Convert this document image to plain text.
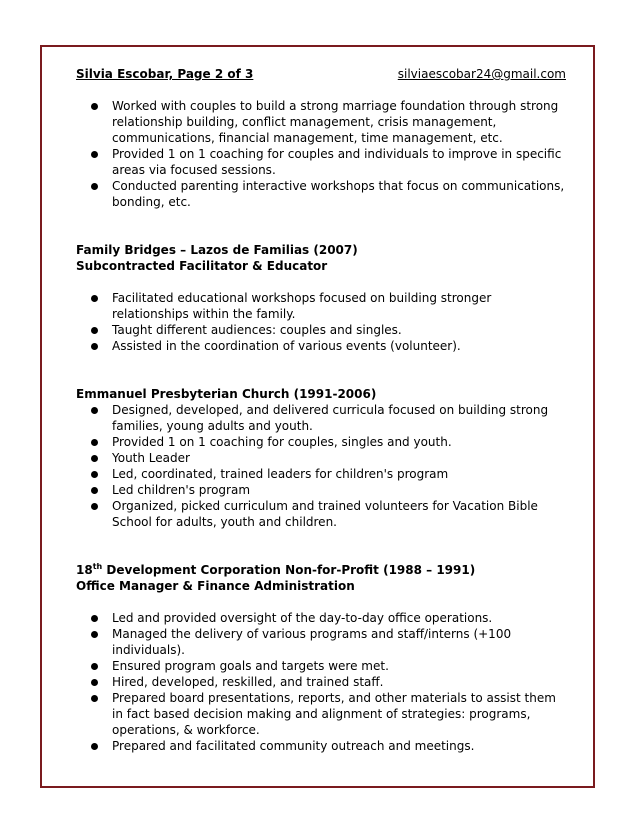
Silvia Escobar, Page 2 of 3	silviaescobar24@gmail.com
Worked with couples to build a strong marriage foundation through strong relationship building, conflict management, crisis management, communications, financial management, time management, etc.
Provided 1 on 1 coaching for couples and individuals to improve in specific areas via focused sessions.
Conducted parenting interactive workshops that focus on communications, bonding, etc.
Family Bridges – Lazos de Familias (2007)
Subcontracted Facilitator & Educator
Facilitated educational workshops focused on building stronger relationships within the family.
Taught different audiences: couples and singles.
Assisted in the coordination of various events (volunteer).
Emmanuel Presbyterian Church (1991-2006)
Designed, developed, and delivered curricula focused on building strong families, young adults and youth.
Provided 1 on 1 coaching for couples, singles and youth.
Youth Leader
Led, coordinated, trained leaders for children's program
Led children's program
Organized, picked curriculum and trained volunteers for Vacation Bible School for adults, youth and children.
18th Development Corporation Non-for-Profit (1988 – 1991)
Office Manager & Finance Administration
Led and provided oversight of the day-to-day office operations.
Managed the delivery of various programs and staff/interns (+100 individuals).
Ensured program goals and targets were met.
Hired, developed, reskilled, and trained staff.
Prepared board presentations, reports, and other materials to assist them in fact based decision making and alignment of strategies: programs, operations, & workforce.
Prepared and facilitated community outreach and meetings.
